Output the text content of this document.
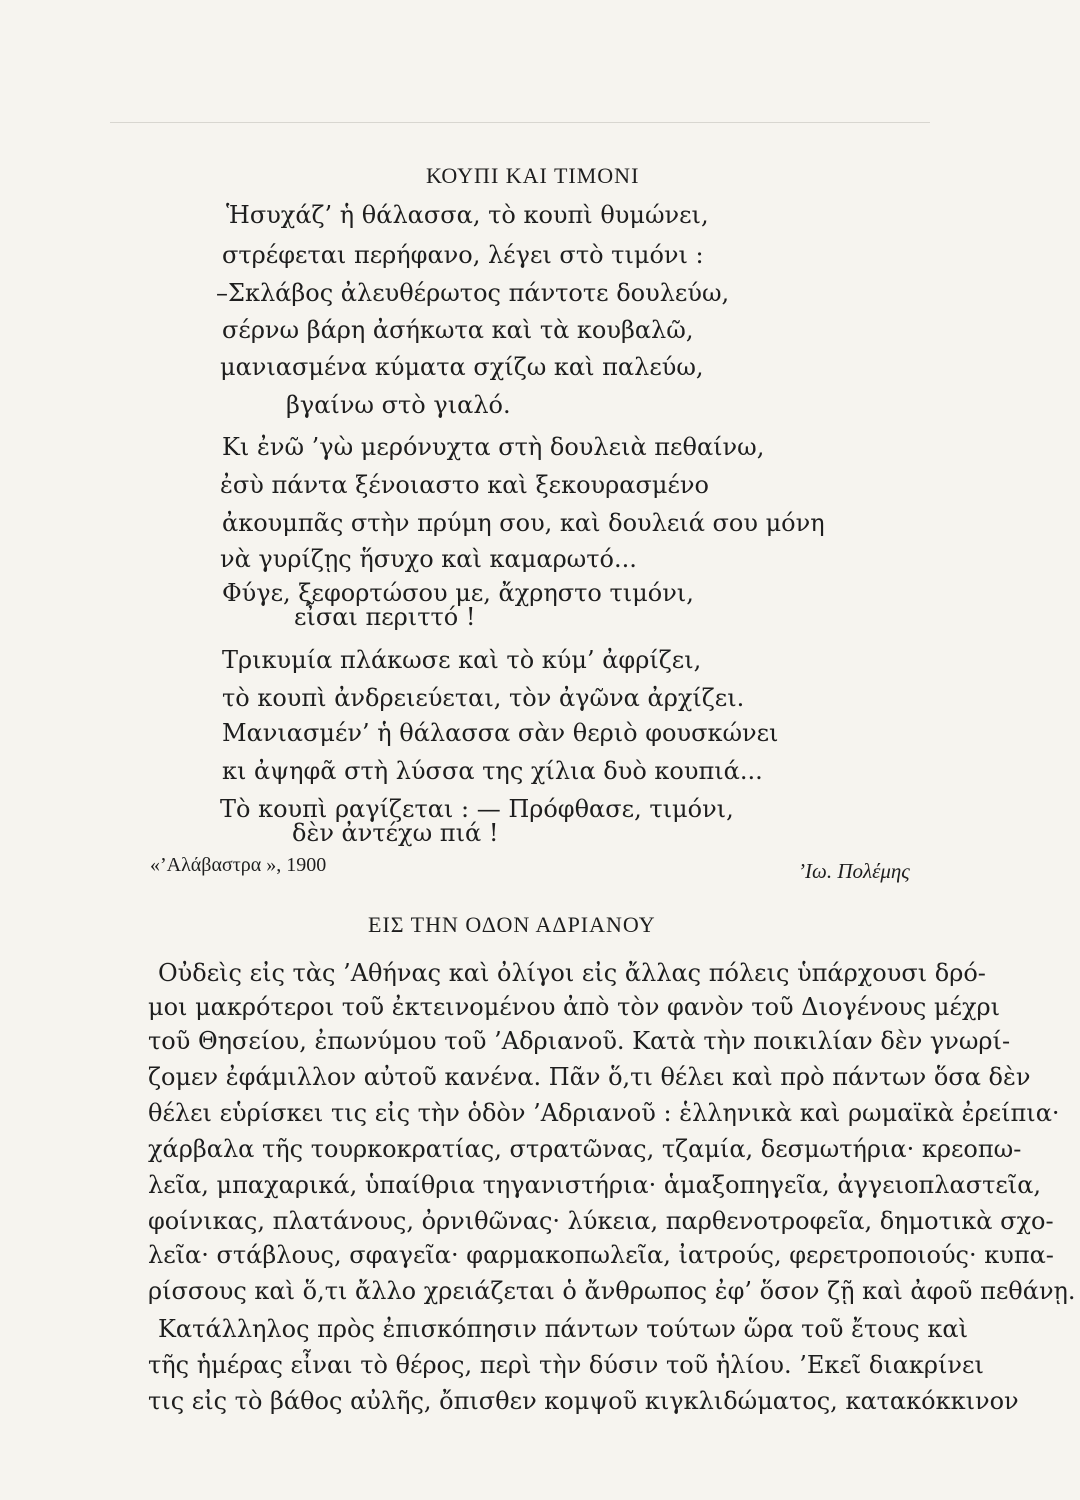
ΚΟΥΠΙ ΚΑΙ ΤΙΜΟΝΙ
Ἡσυχάζ’ ἡ θάλασσα, τὸ κουπὶ θυμώνει,
στρέφεται περήφανο, λέγει στὸ τιμόνι :
–Σκλάβος ἀλευθέρωτος πάντοτε δουλεύω,
σέρνω βάρη ἀσήκωτα καὶ τὰ κουβαλῶ,
μανιασμένα κύματα σχίζω καὶ παλεύω,
βγαίνω στὸ γιαλό.
Κι ἐνῶ ’γὼ μερόνυχτα στὴ δουλειὰ πεθαίνω,
ἐσὺ πάντα ξένοιαστο καὶ ξεκουρασμένο
ἀκουμπᾶς στὴν πρύμη σου, καὶ δουλειά σου μόνη
νὰ γυρίζῃς ἥσυχο καὶ καμαρωτό...
Φύγε, ξεφορτώσου με, ἄχρηστο τιμόνι,
εἶσαι περιττό !
Τρικυμία πλάκωσε καὶ τὸ κύμ’ ἀφρίζει,
τὸ κουπὶ ἀνδρειεύεται, τὸν ἀγῶνα ἀρχίζει.
Μανιασμέν’ ἡ θάλασσα σὰν θεριὸ φουσκώνει
κι ἀψηφᾶ στὴ λύσσα της χίλια δυὸ κουπιά...
Τὸ κουπὶ ραγίζεται : — Πρόφθασε, τιμόνι,
δὲν ἀντέχω πιά !
«’Αλάβαστρα », 1900	’Ιω. Πολέμης
ΕΙΣ ΤΗΝ ΟΔΟΝ ΑΔΡΙΑΝΟΥ
Οὐδεὶς εἰς τὰς ’Αθήνας καὶ ὀλίγοι εἰς ἄλλας πόλεις ὑπάρχουσι δρό-
μοι μακρότεροι τοῦ ἐκτεινομένου ἀπὸ τὸν φανὸν τοῦ Διογένους μέχρι
τοῦ Θησείου, ἐπωνύμου τοῦ ’Αδριανοῦ. Κατὰ τὴν ποικιλίαν δὲν γνωρί-
ζομεν ἐφάμιλλον αὐτοῦ κανένα. Πᾶν ὅ,τι θέλει καὶ πρὸ πάντων ὅσα δὲν
θέλει εὑρίσκει τις εἰς τὴν ὁδὸν ’Αδριανοῦ : ἑλληνικὰ καὶ ρωμαϊκὰ ἐρείπια·
χάρβαλα τῆς τουρκοκρατίας, στρατῶνας, τζαμία, δεσμωτήρια· κρεοπω-
λεῖα, μπαχαρικά, ὑπαίθρια τηγανιστήρια· ἁμαξοπηγεῖα, ἀγγειοπλαστεῖα,
φοίνικας, πλατάνους, ὀρνιθῶνας· λύκεια, παρθενοτροφεῖα, δημοτικὰ σχο-
λεῖα· στάβλους, σφαγεῖα· φαρμακοπωλεῖα, ἰατρούς, φερετροποιούς· κυπα-
ρίσσους καὶ ὅ,τι ἄλλο χρειάζεται ὁ ἄνθρωπος ἐφ’ ὅσον ζῇ καὶ ἀφοῦ πεθάνῃ.
Κατάλληλος πρὸς ἐπισκόπησιν πάντων τούτων ὥρα τοῦ ἔτους καὶ
τῆς ἡμέρας εἶναι τὸ θέρος, περὶ τὴν δύσιν τοῦ ἡλίου. ’Εκεῖ διακρίνει
τις εἰς τὸ βάθος αὐλῆς, ὄπισθεν κομψοῦ κιγκλιδώματος, κατακόκκινον
